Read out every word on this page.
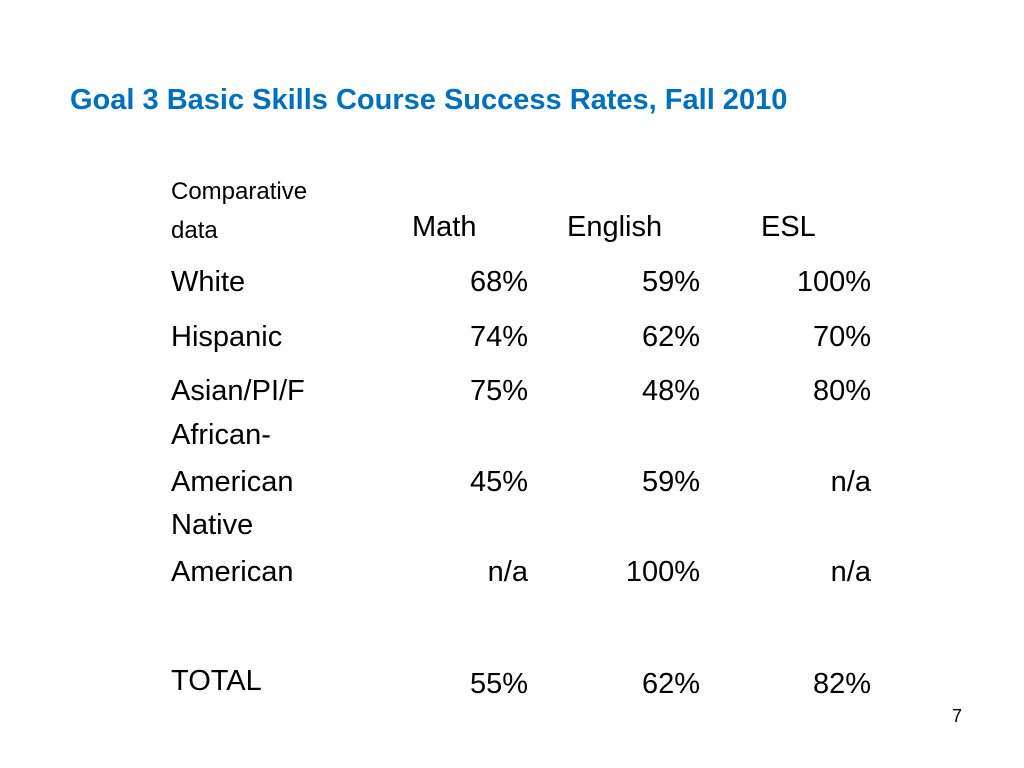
Goal 3 Basic Skills Course Success Rates, Fall 2010
Comparative
data	Math	English	ESL
White	68%	59%	100%
Hispanic	74%	62%	70%
Asian/PI/F	75%	48%	80%
African-
American	45%	59%	n/a
Native
American	n/a	100%	n/a
TOTAL	55%	62%	82%
7
